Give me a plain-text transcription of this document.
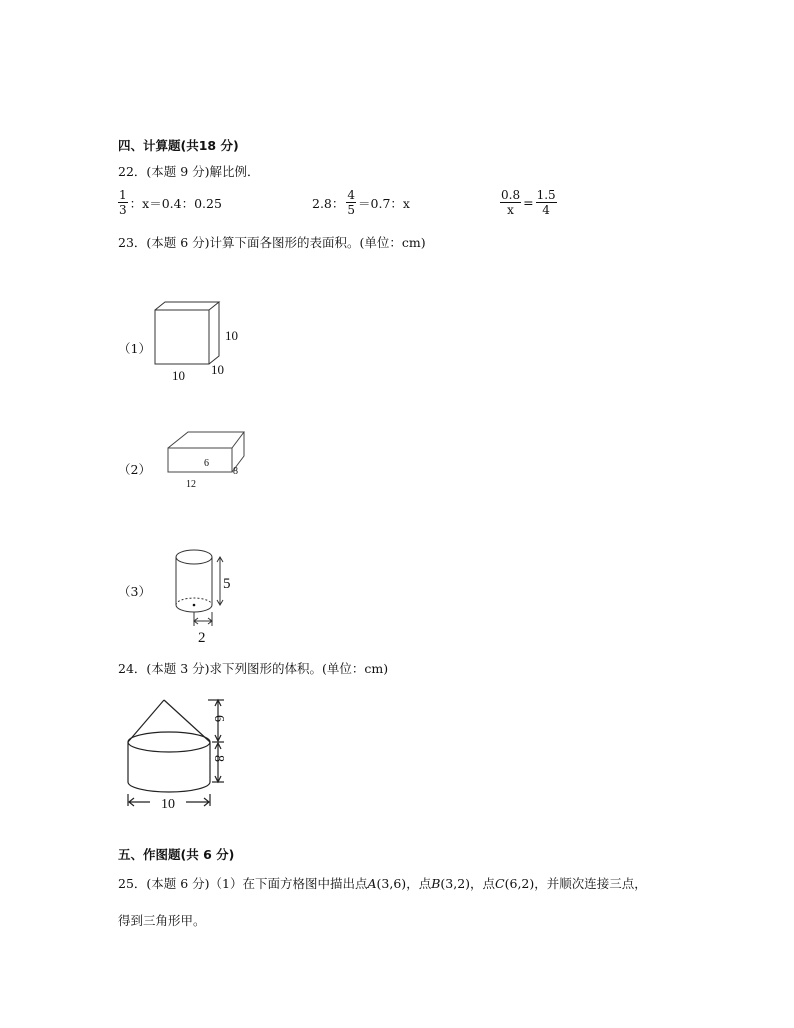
四、计算题(共18 分)
22．(本题 9 分)解比例．
$\frac{1}{3}$ ：x＝0.4：0.25	2.8： $\frac{4}{5} =0.7$：x	$\frac{0.8}{x} = \frac{1.5}{4}$
23．(本题 6 分)计算下面各图形的表面积。(单位：cm)
（1）
10
10 10
（2）	6
8
12
（3）	5
2
24．(本题 3 分)求下列图形的体积。(单位：cm)
6
8
10
五、作图题(共 6 分)
25．(本题 6 分)（1）在下面方格图中描出点A(3,6)，点B(3,2)，点C(6,2)，并顺次连接三点，
得到三角形甲。
